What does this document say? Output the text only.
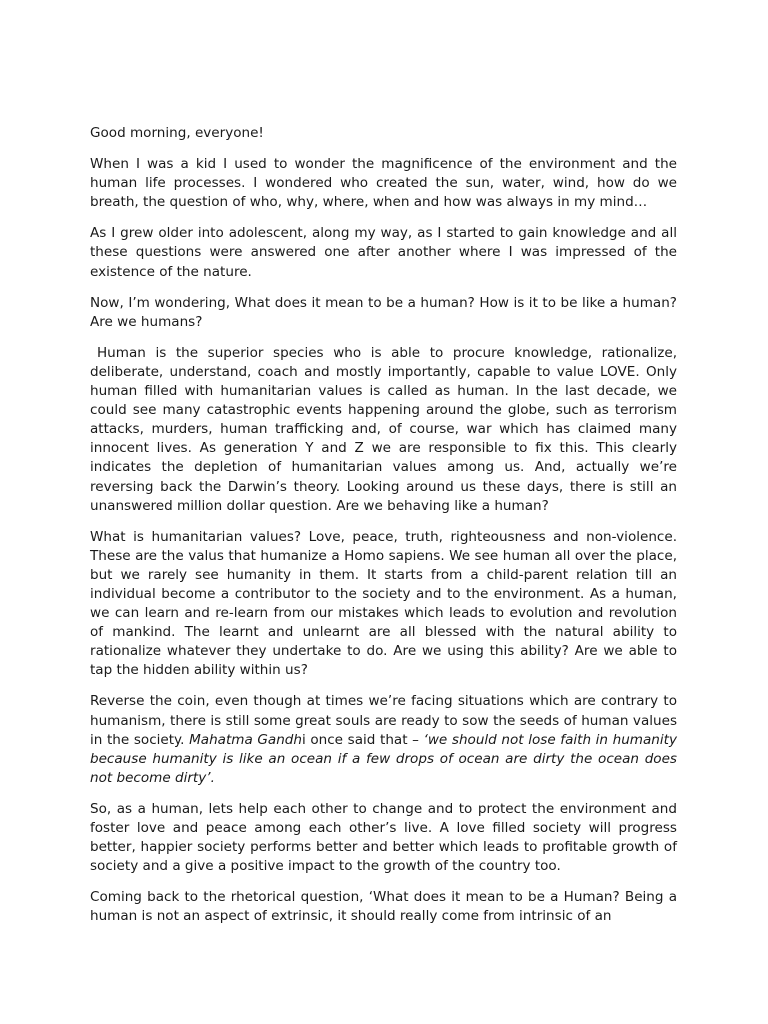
Good morning, everyone!

When I was a kid I used to wonder the magnificence of the environment and the human life processes. I wondered who created the sun, water, wind, how do we breath, the question of who, why, where, when and how was always in my mind…

As I grew older into adolescent, along my way, as I started to gain knowledge and all these questions were answered one after another where I was impressed of the existence of the nature.

Now, I’m wondering, What does it mean to be a human? How is it to be like a human? Are we humans?

Human is the superior species who is able to procure knowledge, rationalize, deliberate, understand, coach and mostly importantly, capable to value LOVE. Only human filled with humanitarian values is called as human. In the last decade, we could see many catastrophic events happening around the globe, such as terrorism attacks, murders, human trafficking and, of course, war which has claimed many innocent lives. As generation Y and Z we are responsible to fix this. This clearly indicates the depletion of humanitarian values among us. And, actually we’re reversing back the Darwin’s theory. Looking around us these days, there is still an unanswered million dollar question. Are we behaving like a human?

What is humanitarian values? Love, peace, truth, righteousness and non-violence. These are the valus that humanize a Homo sapiens. We see human all over the place, but we rarely see humanity in them. It starts from a child-parent relation till an individual become a contributor to the society and to the environment. As a human, we can learn and re-learn from our mistakes which leads to evolution and revolution of mankind. The learnt and unlearnt are all blessed with the natural ability to rationalize whatever they undertake to do. Are we using this ability? Are we able to tap the hidden ability within us?

Reverse the coin, even though at times we’re facing situations which are contrary to humanism, there is still some great souls are ready to sow the seeds of human values in the society. Mahatma Gandhi once said that – ‘we should not lose faith in humanity because humanity is like an ocean if a few drops of ocean are dirty the ocean does not become dirty’.

So, as a human, lets help each other to change and to protect the environment and foster love and peace among each other’s live. A love filled society will progress better, happier society performs better and better which leads to profitable growth of society and a give a positive impact to the growth of the country too.

Coming back to the rhetorical question, ‘What does it mean to be a Human? Being a human is not an aspect of extrinsic, it should really come from intrinsic of an
